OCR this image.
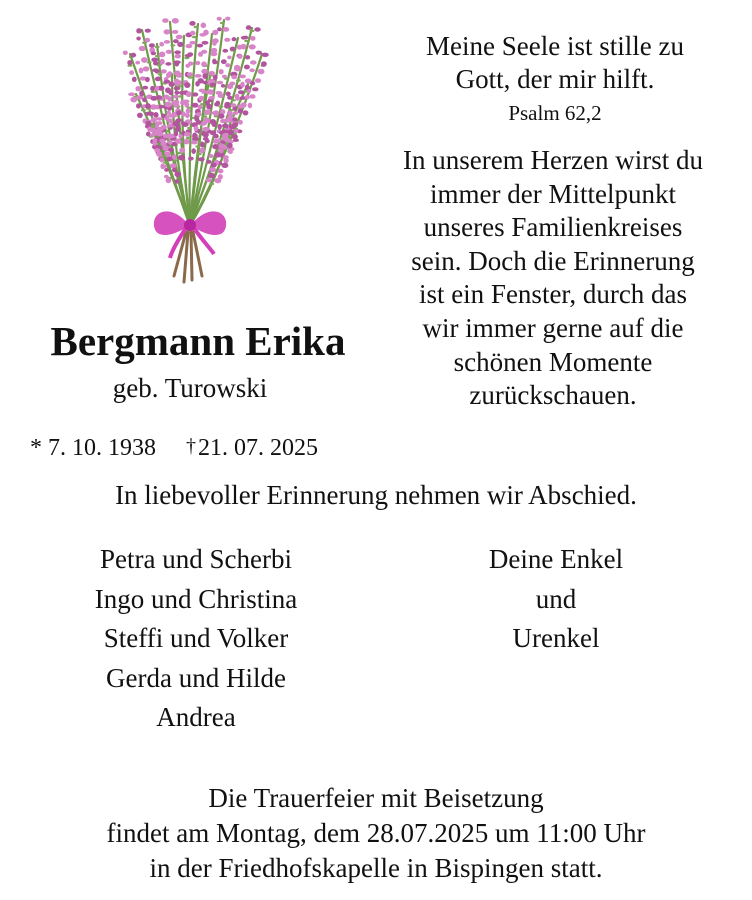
Meine Seele ist stille zu
Gott, der mir hilft.
Psalm 62,2
In unserem Herzen wirst du
immer der Mittelpunkt
unseres Familienkreises
sein. Doch die Erinnerung
ist ein Fenster, durch das
wir immer gerne auf die
schönen Momente
zurückschauen.
Bergmann Erika
geb. Turowski
* 7. 10. 1938 †21. 07. 2025
In liebevoller Erinnerung nehmen wir Abschied.
Petra und Scherbi
Ingo und Christina
Steffi und Volker
Gerda und Hilde
Andrea
Deine Enkel
und
Urenkel
Die Trauerfeier mit Beisetzung
findet am Montag, dem 28.07.2025 um 11:00 Uhr
in der Friedhofskapelle in Bispingen statt.
